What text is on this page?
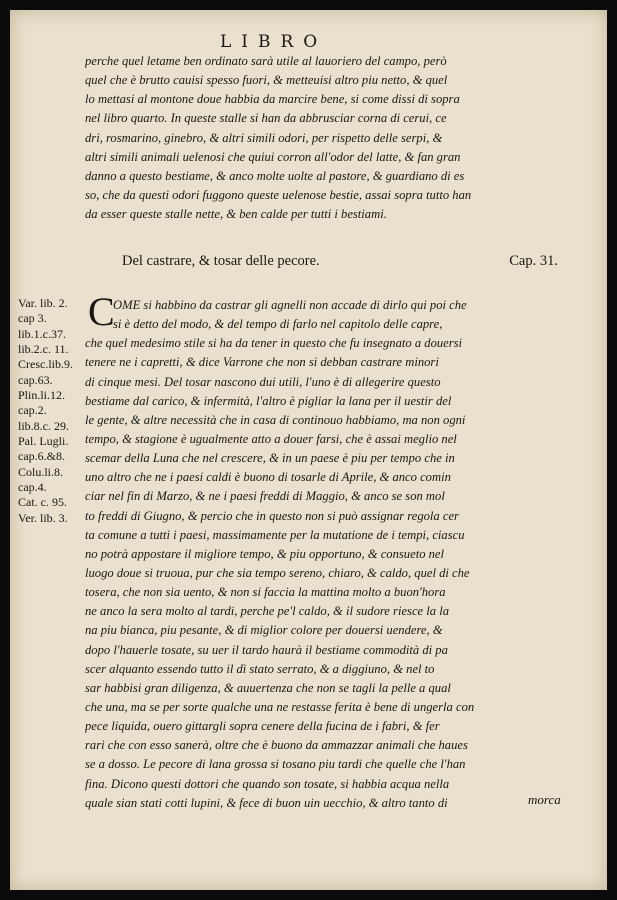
LIBRO
perche quel letame ben ordinato sarà utile al lauoriero del campo, però
quel che è brutto cauisi spesso fuori, & metteuisi altro piu netto, & quel
lo mettasi al montone doue habbia da marcire bene, si come dissi di sopra
nel libro quarto. In queste stalle si han da abbrusciar corna di cerui, ce
dri, rosmarino, ginebro, & altri simili odori, per rispetto delle serpi, &
altri simili animali uelenosi che quiui corron all'odor del latte, & fan gran
danno a questo bestiame, & anco molte uolte al pastore, & guardiano di es
so, che da questi odori fuggono queste uelenose bestie, assai sopra tutto han
da esser queste stalle nette, & ben calde per tutti i bestiami.
Del castrare, & tosar delle pecore.	Cap. 31.
Var. lib. 2.
cap 3.
lib.1.c.37.
lib.2.c. 11.
Cresc.lib.9.
cap.63.
Plin.li.12.
cap.2.
lib.8.c. 29.
Pal. Lugli.
cap.6.&8.
Colu.li.8.
cap.4.
Cat. c. 95.
Ver. lib. 3.
C
OME si habbino da castrar gli agnelli non accade di dirlo qui poi che
si è detto del modo, & del tempo di farlo nel capitolo delle capre,
che quel medesimo stile si ha da tener in questo che fu insegnato a douersi
tenere ne i capretti, & dice Varrone che non si debban castrare minori
di cinque mesi. Del tosar nascono dui utili, l'uno è di allegerire questo
bestiame dal carico, & infermità, l'altro è pigliar la lana per il uestir del
le gente, & altre necessità che in casa di continouo habbiamo, ma non ogni
tempo, & stagione è ugualmente atto a douer farsi, che è assai meglio nel
scemar della Luna che nel crescere, & in un paese è piu per tempo che in
uno altro che ne i paesi caldi è buono di tosarle di Aprile, & anco comin
ciar nel fin di Marzo, & ne i paesi freddi di Maggio, & anco se son mol
to freddi di Giugno, & percio che in questo non si può assignar regola cer
ta comune a tutti i paesi, massimamente per la mutatione de i tempi, ciascu
no potrà appostare il migliore tempo, & piu opportuno, & consueto nel
luogo doue si truoua, pur che sia tempo sereno, chiaro, & caldo, quel di che
tosera, che non sia uento, & non si faccia la mattina molto a buon'hora
ne anco la sera molto al tardi, perche pe'l caldo, & il sudore riesce la la
na piu bianca, piu pesante, & di miglior colore per douersi uendere, &
dopo l'hauerle tosate, su uer il tardo haurà il bestiame commodità di pa
scer alquanto essendo tutto il dì stato serrato, & a diggiuno, & nel to
sar habbisi gran diligenza, & auuertenza che non se tagli la pelle a qual
che una, ma se per sorte qualche una ne restasse ferita è bene di ungerla con
pece liquida, ouero gittargli sopra cenere della fucina de i fabri, & fer
rari che con esso sanerà, oltre che è buono da ammazzar animali che haues
se a dosso. Le pecore di lana grossa si tosano piu tardi che quelle che l'han
fina. Dicono questi dottori che quando son tosate, si habbia acqua nella
quale sian stati cotti lupini, & fece di buon uin uecchio, & altro tanto di	morca
